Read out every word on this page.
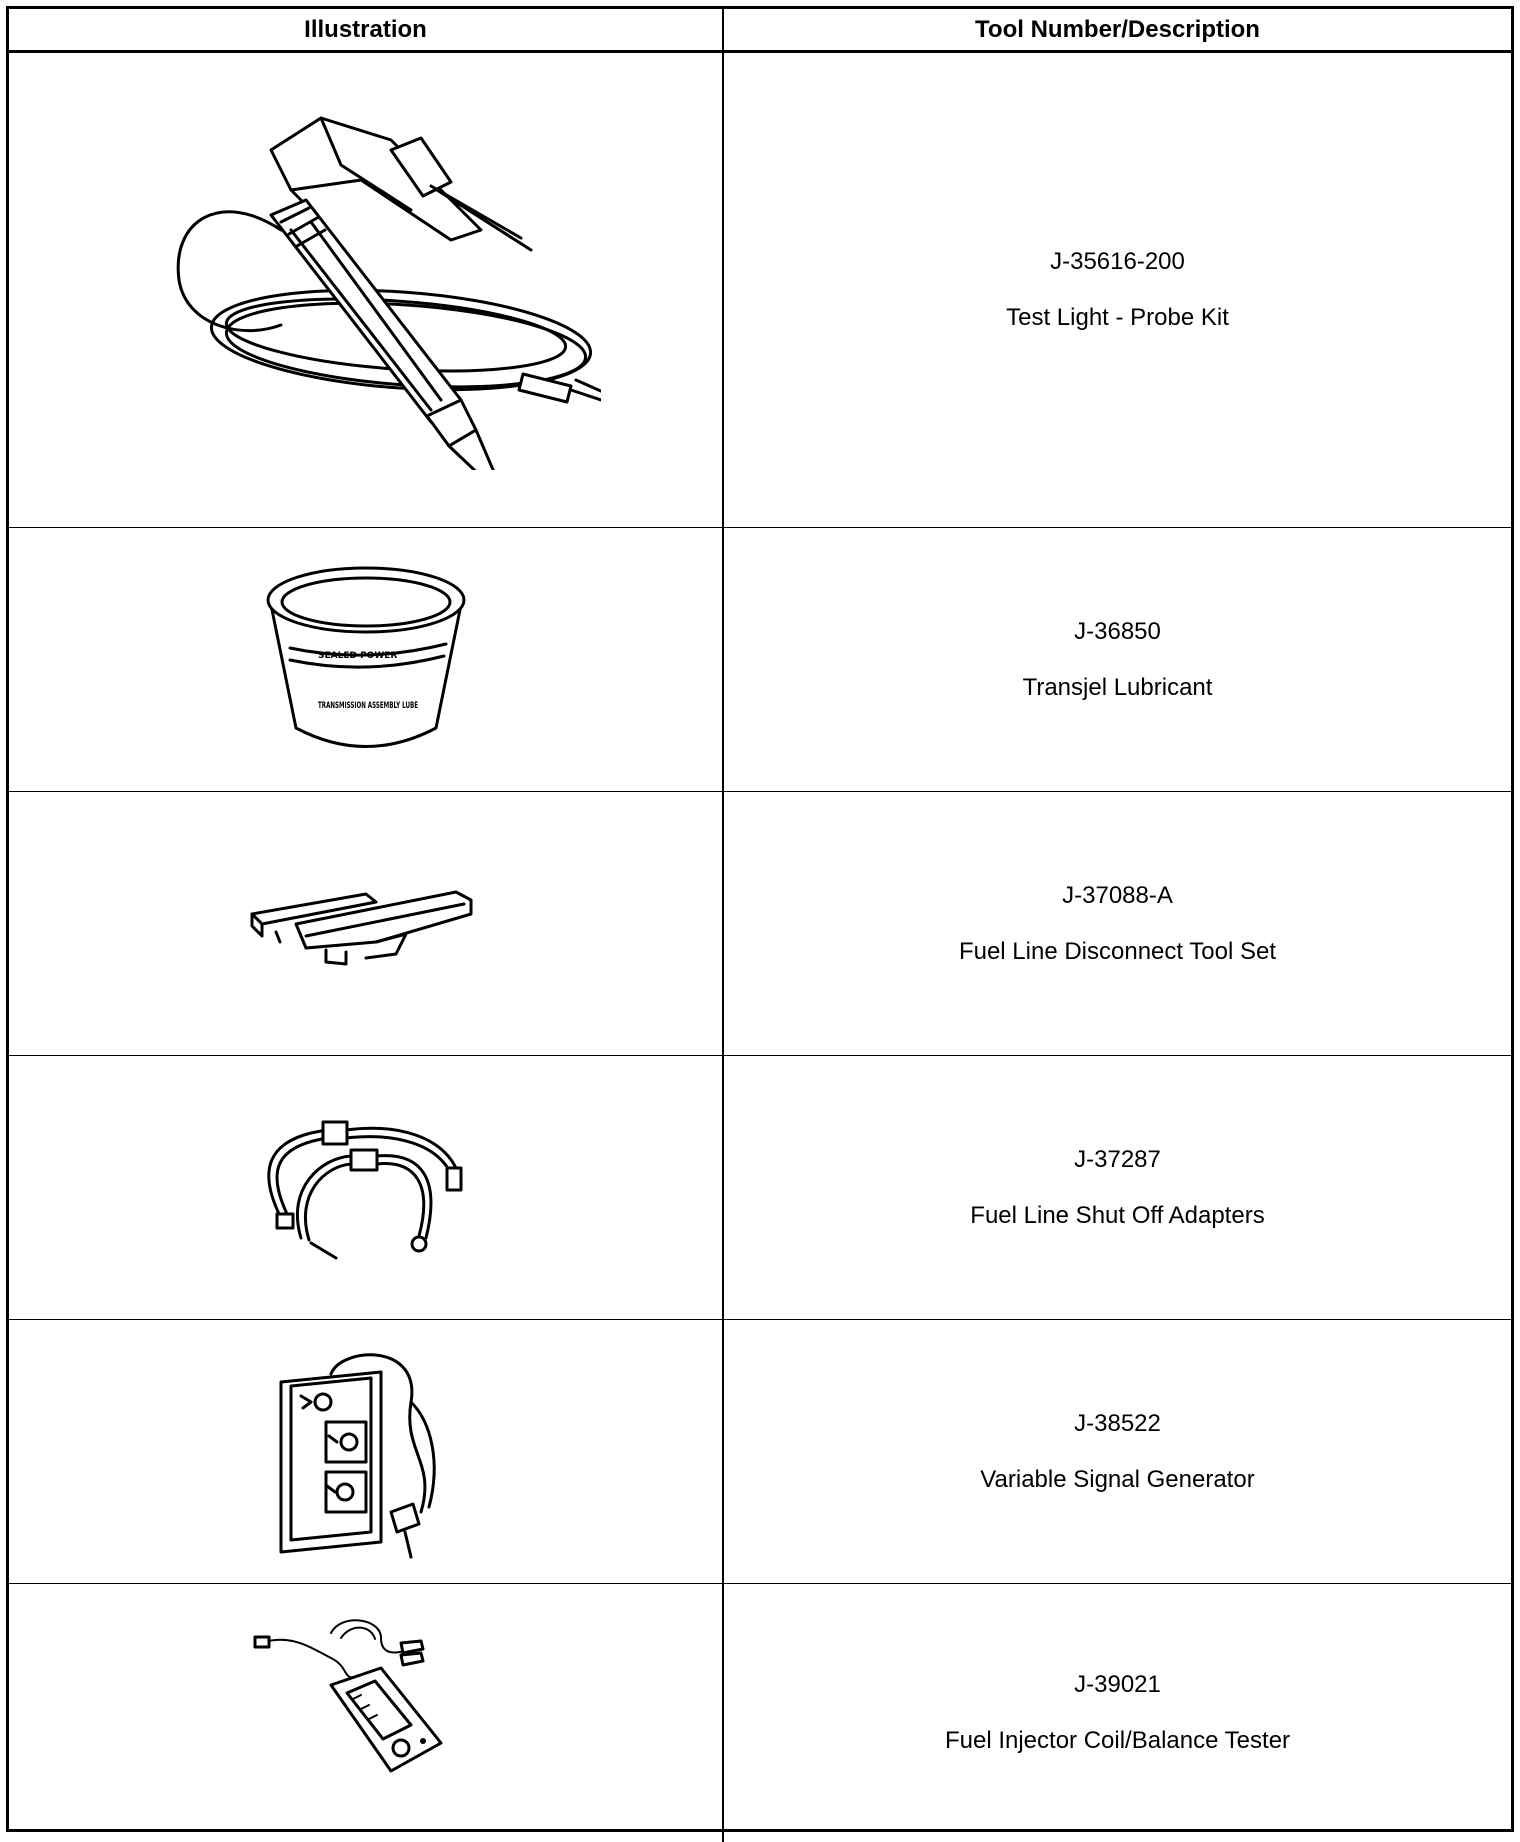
Illustration	Tool Number/Description
J-35616-200
Test Light - Probe Kit
SEALED POWER
TRANSMISSION ASSEMBLY LUBE
J-36850
Transjel Lubricant
J-37088-A
Fuel Line Disconnect Tool Set
J-37287
Fuel Line Shut Off Adapters
J-38522
Variable Signal Generator
J-39021
Fuel Injector Coil/Balance Tester
